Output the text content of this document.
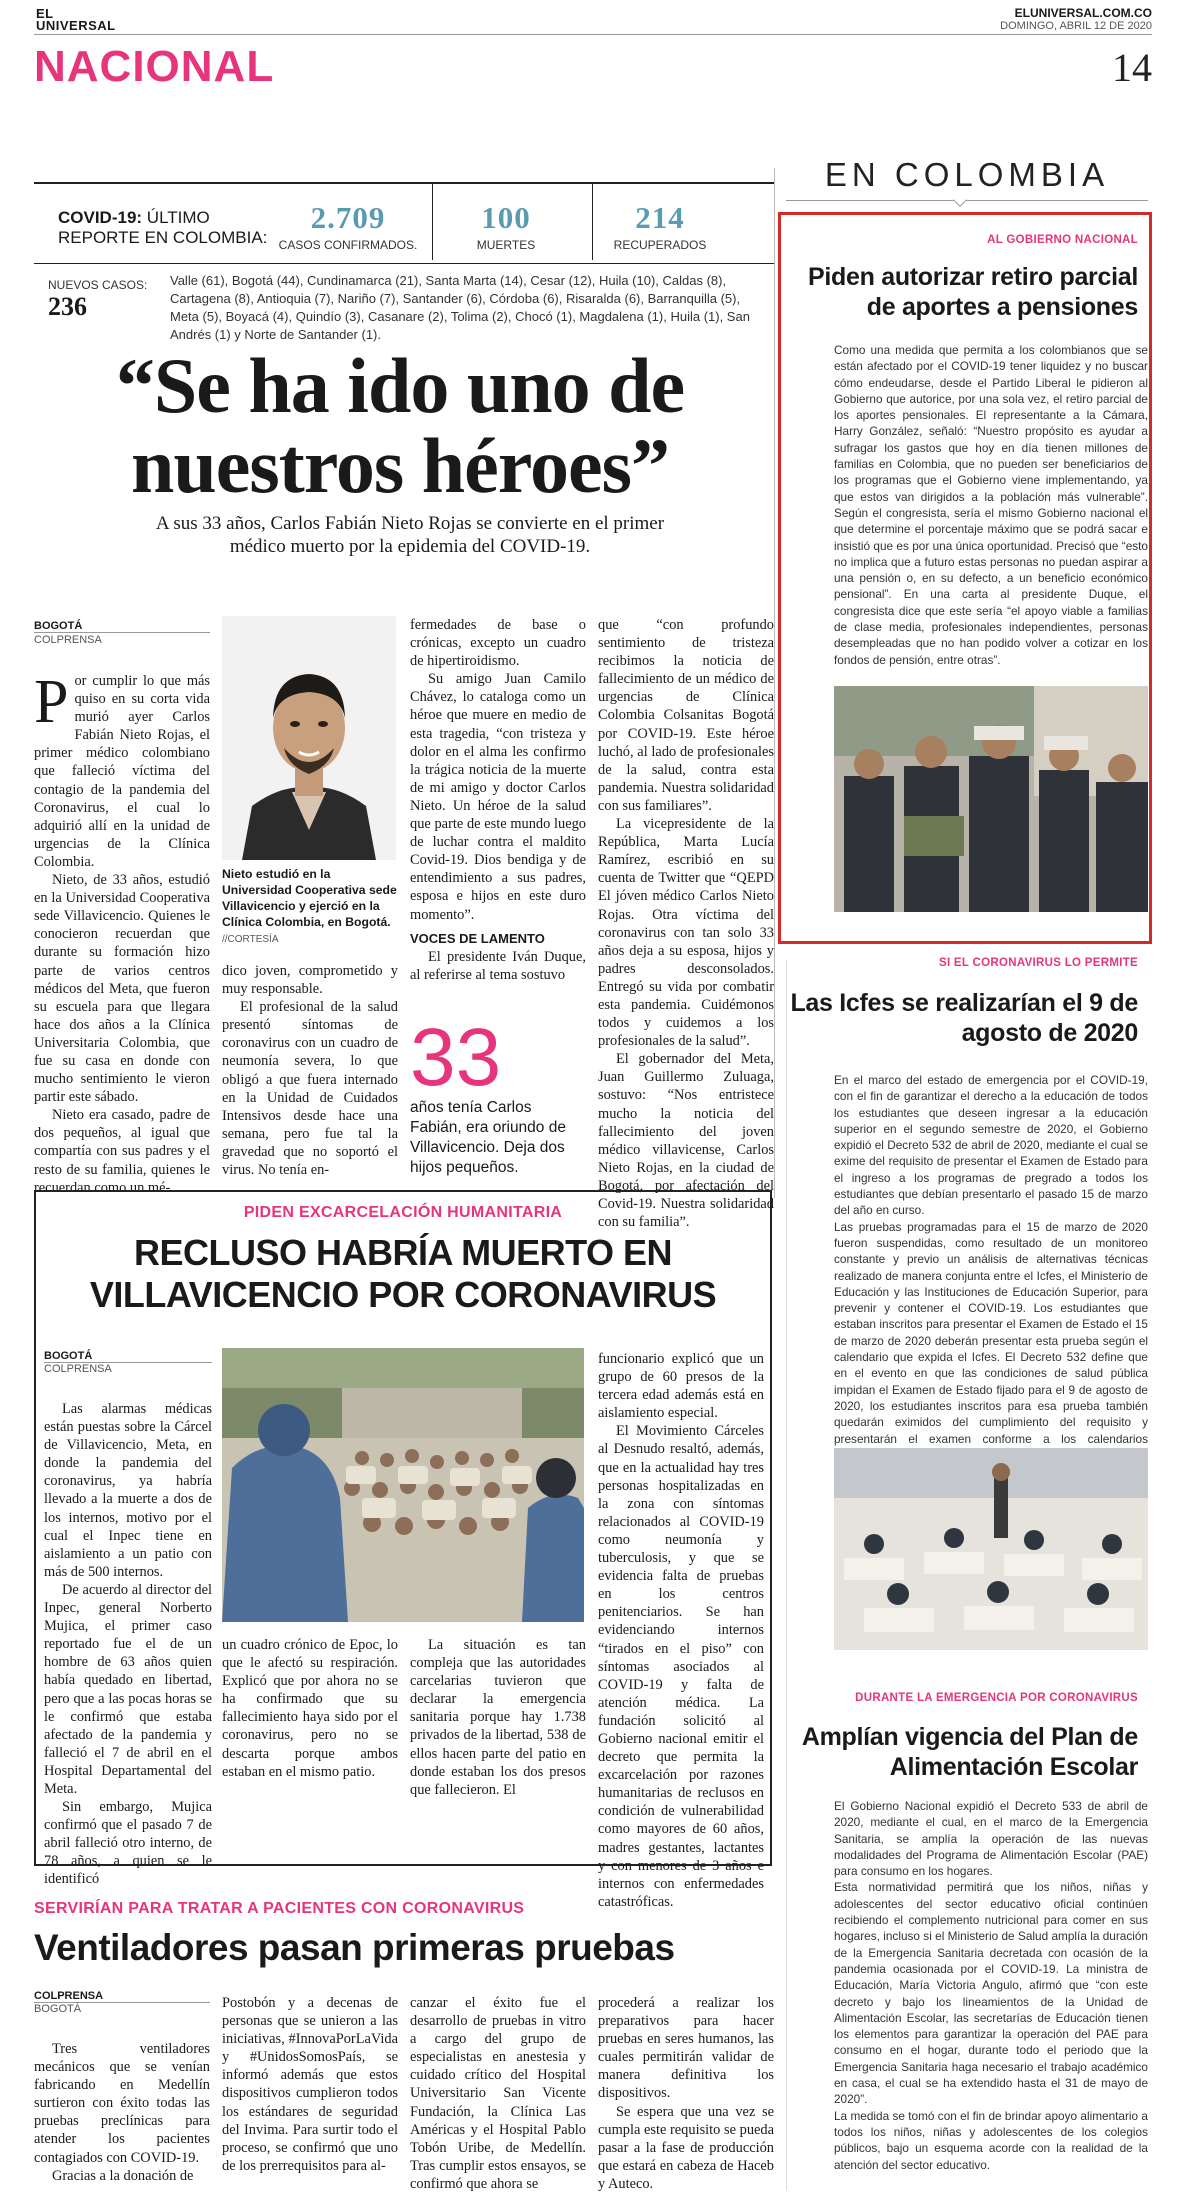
EL
UNIVERSAL
ELUNIVERSAL.COM.CO
DOMINGO, ABRIL 12 DE 2020
NACIONAL	14
COVID-19: ÚLTIMO
REPORTE EN COLOMBIA:
2.709
CASOS CONFIRMADOS.
100
MUERTES
214
RECUPERADOS
NUEVOS CASOS:
236
Valle (61), Bogotá (44), Cundinamarca (21), Santa Marta (14), Cesar (12), Huila (10), Caldas (8), Cartagena (8), Antioquia (7), Nariño (7), Santander (6), Córdoba (6), Risaralda (6), Barranquilla (5), Meta (5), Boyacá (4), Quindío (3), Casanare (2), Tolima (2), Chocó (1), Magdalena (1), Huila (1), San Andrés (1) y Norte de Santander (1).
“Se ha ido uno de
nuestros héroes”
A sus 33 años, Carlos Fabián Nieto Rojas se convierte en el primer médico muerto por la epidemia del COVID-19.
BOGOTÁ
COLPRENSA
P or cumplir lo que más quiso en su corta vida murió ayer Carlos Fabián Nieto Rojas, el primer médico colombiano que falleció víctima del contagio de la pandemia del Coronavirus, el cual lo adquirió allí en la unidad de urgencias de la Clínica Colombia.

Nieto, de 33 años, estudió en la Universidad Cooperativa sede Villavicencio. Quienes le conocieron recuerdan que durante su formación hizo parte de varios centros médicos del Meta, que fueron su escuela para que llegara hace dos años a la Clínica Universitaria Colombia, que fue su casa en donde con mucho sentimiento le vieron partir este sábado.

Nieto era casado, padre de dos pequeños, al igual que compartía con sus padres y el resto de su familia, quienes le recuerdan como un mé-

Nieto estudió en la Universidad Cooperativa sede Villavicencio y ejerció en la Clínica Colombia, en Bogotá.
//CORTESÍA

dico joven, comprometido y muy responsable.

El profesional de la salud presentó síntomas de coronavirus con un cuadro de neumonía severa, lo que obligó a que fuera internado en la Unidad de Cuidados Intensivos desde hace una semana, pero fue tal la gravedad que no soportó el virus. No tenía en-

fermedades de base o crónicas, excepto un cuadro de hipertiroidismo.

Su amigo Juan Camilo Chávez, lo cataloga como un héroe que muere en medio de esta tragedia, “con tristeza y dolor en el alma les confirmo la trágica noticia de la muerte de mi amigo y doctor Carlos Nieto. Un héroe de la salud que parte de este mundo luego de luchar contra el maldito Covid-19. Dios bendiga y de entendimiento a sus padres, esposa e hijos en este duro momento”.

VOCES DE LAMENTO

El presidente Iván Duque, al referirse al tema sostuvo

33
años tenía Carlos Fabián, era oriundo de Villavicencio. Deja dos hijos pequeños.

que “con profundo sentimiento de tristeza recibimos la noticia de fallecimiento de un médico de urgencias de Clínica Colombia Colsanitas Bogotá por COVID-19. Este héroe luchó, al lado de profesionales de la salud, contra esta pandemia. Nuestra solidaridad con sus familiares”.

La vicepresidente de la República, Marta Lucía Ramírez, escribió en su cuenta de Twitter que “QEPD El jóven médico Carlos Nieto Rojas. Otra víctima del coronavirus con tan solo 33 años deja a su esposa, hijos y padres desconsolados. Entregó su vida por combatir esta pandemia. Cuidémonos todos y cuidemos a los profesionales de la salud”.

El gobernador del Meta, Juan Guillermo Zuluaga, sostuvo: “Nos entristece mucho la noticia del fallecimiento del joven médico villavicense, Carlos Nieto Rojas, en la ciudad de Bogotá, por afectación del Covid-19. Nuestra solidaridad con su familia”.

PIDEN EXCARCELACIÓN HUMANITARIA
RECLUSO HABRÍA MUERTO EN
VILLAVICENCIO POR CORONAVIRUS
BOGOTÁ
COLPRENSA

Las alarmas médicas están puestas sobre la Cárcel de Villavicencio, Meta, en donde la pandemia del coronavirus, ya habría llevado a la muerte a dos de los internos, motivo por el cual el Inpec tiene en aislamiento a un patio con más de 500 internos.

De acuerdo al director del Inpec, general Norberto Mujica, el primer caso reportado fue el de un hombre de 63 años quien había quedado en libertad, pero que a las pocas horas se le confirmó que estaba afectado de la pandemia y falleció el 7 de abril en el Hospital Departamental del Meta.

Sin embargo, Mujica confirmó que el pasado 7 de abril falleció otro interno, de 78 años, a quien se le identificó

un cuadro crónico de Epoc, lo que le afectó su respiración. Explicó que por ahora no se ha confirmado que su fallecimiento haya sido por el coronavirus, pero no se descarta porque ambos estaban en el mismo patio.

La situación es tan compleja que las autoridades carcelarias tuvieron que declarar la emergencia sanitaria porque hay 1.738 privados de la libertad, 538 de ellos hacen parte del patio en donde estaban los dos presos que fallecieron. El

funcionario explicó que un grupo de 60 presos de la tercera edad además está en aislamiento especial.

El Movimiento Cárceles al Desnudo resaltó, además, que en la actualidad hay tres personas hospitalizadas en la zona con síntomas relacionados al COVID-19 como neumonía y tuberculosis, y que se evidencia falta de pruebas en los centros penitenciarios. Se han evidenciando internos “tirados en el piso” con síntomas asociados al COVID-19 y falta de atención médica. La fundación solicitó al Gobierno nacional emitir el decreto que permita la excarcelación por razones humanitarias de reclusos en condición de vulnerabilidad como mayores de 60 años, madres gestantes, lactantes y con menores de 3 años e internos con enfermedades catastróficas.

SERVIRÍAN PARA TRATAR A PACIENTES CON CORONAVIRUS
Ventiladores pasan primeras pruebas
COLPRENSA
BOGOTÁ

Tres ventiladores mecánicos que se venían fabricando en Medellín surtieron con éxito todas las pruebas preclínicas para atender los pacientes contagiados con COVID-19.

Gracias a la donación de

Postobón y a decenas de personas que se unieron a las iniciativas, #InnovaPorLaVida y #UnidosSomosPaís, se informó además que estos dispositivos cumplieron todos los estándares de seguridad del Invima. Para surtir todo el proceso, se confirmó que uno de los prerrequisitos para al-

canzar el éxito fue el desarrollo de pruebas in vitro a cargo del grupo de especialistas en anestesia y cuidado crítico del Hospital Universitario San Vicente Fundación, la Clínica Las Américas y el Hospital Pablo Tobón Uribe, de Medellín. Tras cumplir estos ensayos, se confirmó que ahora se

procederá a realizar los preparativos para hacer pruebas en seres humanos, las cuales permitirán validar de manera definitiva los dispositivos.

Se espera que una vez se cumpla este requisito se pueda pasar a la fase de producción que estará en cabeza de Haceb y Auteco.

EN COLOMBIA
AL GOBIERNO NACIONAL
Piden autorizar retiro parcial de aportes a pensiones

Como una medida que permita a los colombianos que se están afectado por el COVID-19 tener liquidez y no buscar cómo endeudarse, desde el Partido Liberal le pidieron al Gobierno que autorice, por una sola vez, el retiro parcial de los aportes pensionales. El representante a la Cámara, Harry González, señaló: “Nuestro propósito es ayudar a sufragar los gastos que hoy en día tienen millones de familias en Colombia, que no pueden ser beneficiarios de los programas que el Gobierno viene implementando, ya que estos van dirigidos a la población más vulnerable”. Según el congresista, sería el mismo Gobierno nacional el que determine el porcentaje máximo que se podrá sacar e insistió que es por una única oportunidad. Precisó que “esto no implica que a futuro estas personas no puedan aspirar a una pensión o, en su defecto, a un beneficio económico pensional”. En una carta al presidente Duque, el congresista dice que este sería “el apoyo viable a familias de clase media, profesionales independientes, personas desempleadas que no han podido volver a cotizar en los fondos de pensión, entre otras”.

SI EL CORONAVIRUS LO PERMITE
Las Icfes se realizarían el 9 de agosto de 2020

En el marco del estado de emergencia por el COVID-19, con el fin de garantizar el derecho a la educación de todos los estudiantes que deseen ingresar a la educación superior en el segundo semestre de 2020, el Gobierno expidió el Decreto 532 de abril de 2020, mediante el cual se exime del requisito de presentar el Examen de Estado para el ingreso a los programas de pregrado a todos los estudiantes que debían presentarlo el pasado 15 de marzo del año en curso.

Las pruebas programadas para el 15 de marzo de 2020 fueron suspendidas, como resultado de un monitoreo constante y previo un análisis de alternativas técnicas realizado de manera conjunta entre el Icfes, el Ministerio de Educación y las Instituciones de Educación Superior, para prevenir y contener el COVID-19. Los estudiantes que estaban inscritos para presentar el Examen de Estado el 15 de marzo de 2020 deberán presentar esta prueba según el calendario que expida el Icfes. El Decreto 532 define que en el evento en que las condiciones de salud pública impidan el Examen de Estado fijado para el 9 de agosto de 2020, los estudiantes inscritos para esa prueba también quedarán eximidos del cumplimiento del requisito y presentarán el examen conforme a los calendarios

DURANTE LA EMERGENCIA POR CORONAVIRUS
Amplían vigencia del Plan de Alimentación Escolar

El Gobierno Nacional expidió el Decreto 533 de abril de 2020, mediante el cual, en el marco de la Emergencia Sanitaria, se amplía la operación de las nuevas modalidades del Programa de Alimentación Escolar (PAE) para consumo en los hogares.

Esta normatividad permitirá que los niños, niñas y adolescentes del sector educativo oficial continúen recibiendo el complemento nutricional para comer en sus hogares, incluso si el Ministerio de Salud amplía la duración de la Emergencia Sanitaria decretada con ocasión de la pandemia ocasionada por el COVID-19. La ministra de Educación, María Victoria Angulo, afirmó que “con este decreto y bajo los lineamientos de la Unidad de Alimentación Escolar, las secretarías de Educación tienen los elementos para garantizar la operación del PAE para consumo en el hogar, durante todo el periodo que la Emergencia Sanitaria haga necesario el trabajo académico en casa, el cual se ha extendido hasta el 31 de mayo de 2020”.

La medida se tomó con el fin de brindar apoyo alimentario a todos los niños, niñas y adolescentes de los colegios públicos, bajo un esquema acorde con la realidad de la atención del sector educativo.
